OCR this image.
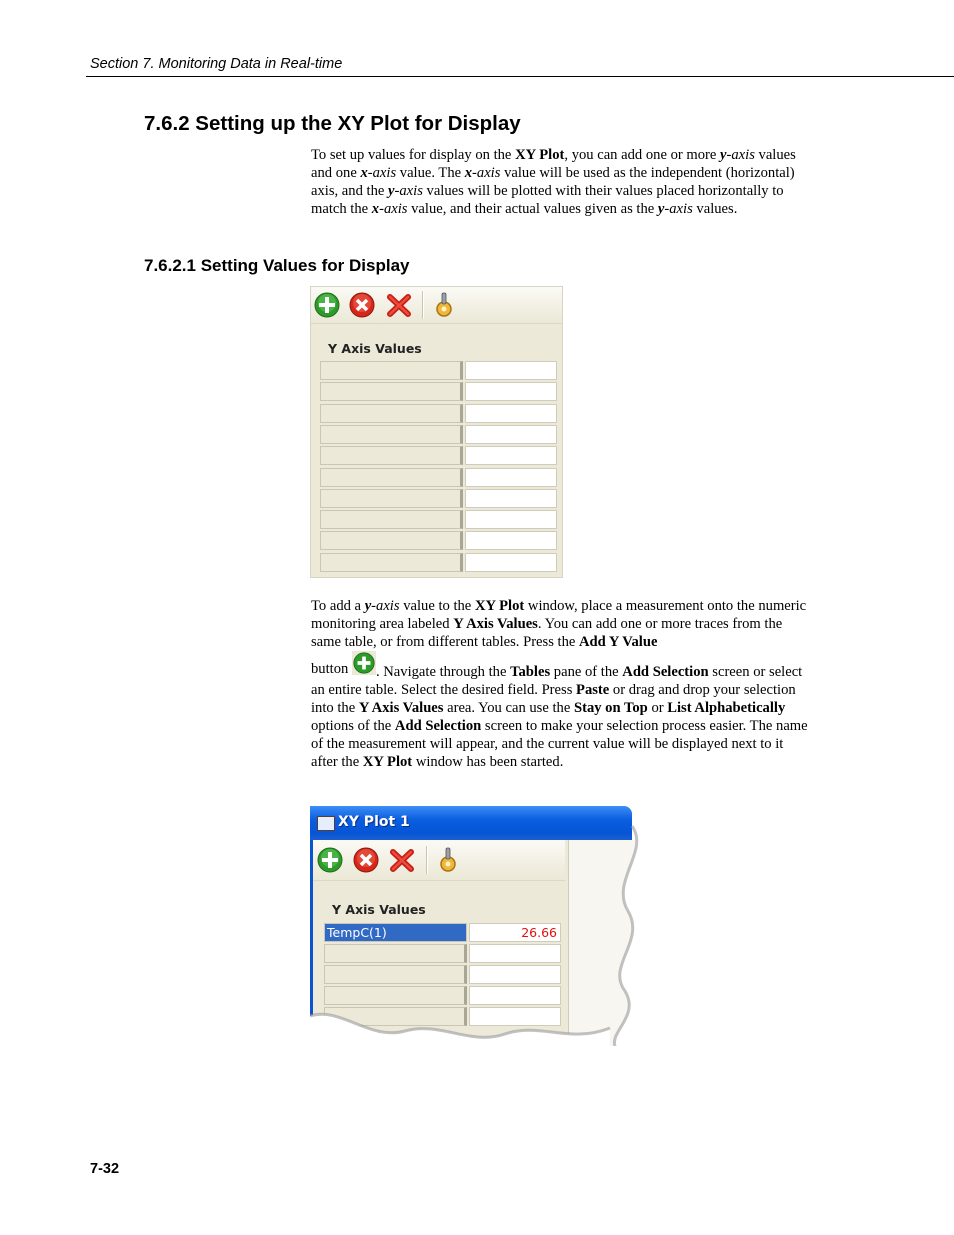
Section 7. Monitoring Data in Real-time
7.6.2 Setting up the XY Plot for Display
To set up values for display on the XY Plot, you can add one or more y-axis values and one x-axis value. The x-axis value will be used as the independent (horizontal) axis, and the y-axis values will be plotted with their values placed horizontally to match the x-axis value, and their actual values given as the y-axis values.
7.6.2.1 Setting Values for Display
Y Axis Values
To add a y-axis value to the XY Plot window, place a measurement onto the numeric monitoring area labeled Y Axis Values. You can add one or more traces from the same table, or from different tables. Press the Add Y Value
button . Navigate through the Tables pane of the Add Selection screen or select an entire table. Select the desired field. Press Paste or drag and drop your selection into the Y Axis Values area. You can use the Stay on Top or List Alphabetically options of the Add Selection screen to make your selection process easier. The name of the measurement will appear, and the current value will be displayed next to it after the XY Plot window has been started.
XY Plot 1
Y Axis Values
TempC(1)	26.66
7-32
